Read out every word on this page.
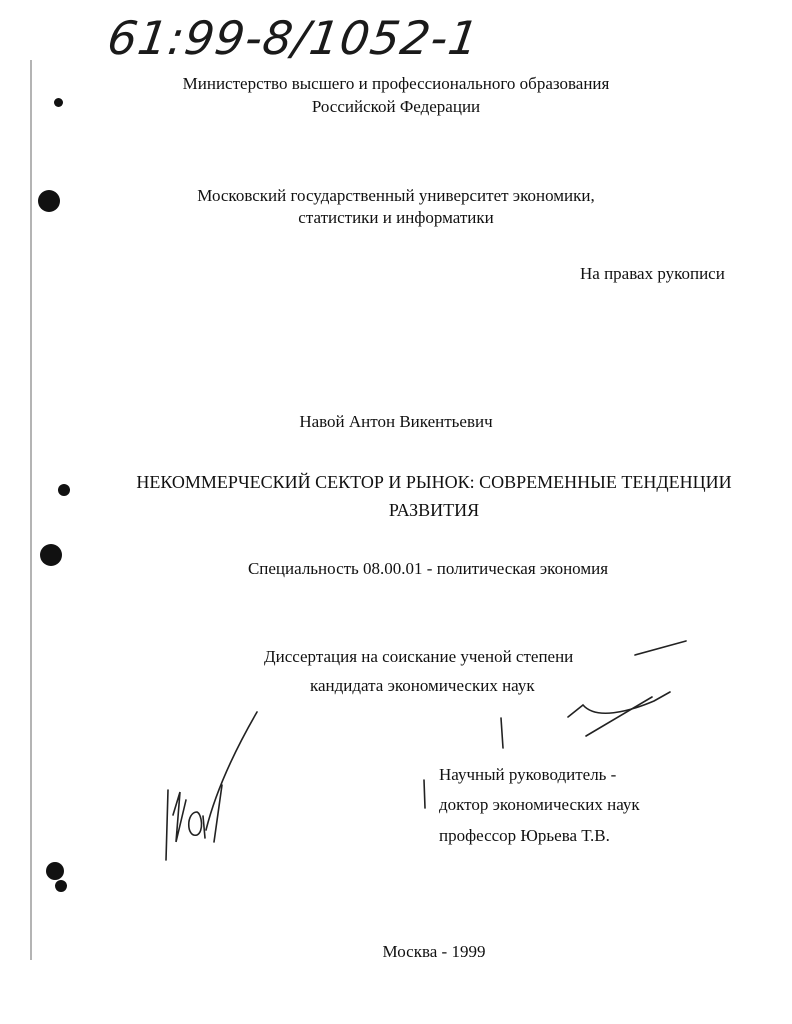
61:99-8/1052-1
Министерство высшего и профессионального образования
Российской Федерации
Московский государственный университет экономики,
статистики и информатики
На правах рукописи
Навой Антон Викентьевич
НЕКОММЕРЧЕСКИЙ СЕКТОР И РЫНОК: СОВРЕМЕННЫЕ ТЕНДЕНЦИИ
РАЗВИТИЯ
Специальность 08.00.01 - политическая экономия
Диссертация на соискание ученой степени
кандидата экономических наук
Научный руководитель -
доктор экономических наук
профессор Юрьева Т.В.
Москва - 1999
